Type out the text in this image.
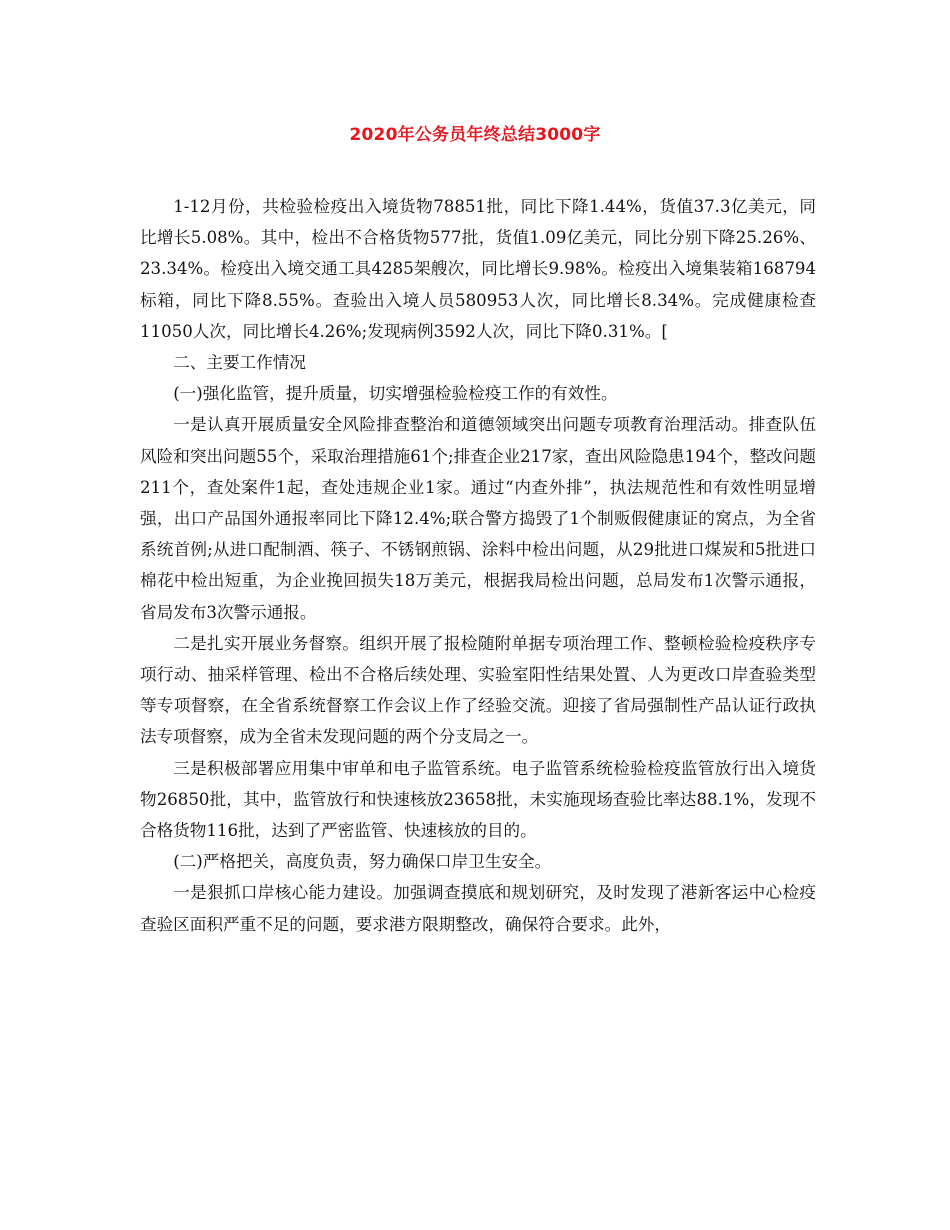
2020年公务员年终总结3000字

1-12月份，共检验检疫出入境货物78851批，同比下降1.44%，货值37.3亿美元，同比增长5.08%。其中，检出不合格货物577批，货值1.09亿美元，同比分别下降25.26%、23.34%。检疫出入境交通工具4285架艘次，同比增长9.98%。检疫出入境集装箱168794标箱，同比下降8.55%。查验出入境人员580953人次，同比增长8.34%。完成健康检查11050人次，同比增长4.26%;发现病例3592人次，同比下降0.31%。[

二、主要工作情况

(一)强化监管，提升质量，切实增强检验检疫工作的有效性。

一是认真开展质量安全风险排查整治和道德领域突出问题专项教育治理活动。排查队伍风险和突出问题55个，采取治理措施61个;排查企业217家，查出风险隐患194个，整改问题211个，查处案件1起，查处违规企业1家。通过“内查外排”，执法规范性和有效性明显增强，出口产品国外通报率同比下降12.4%;联合警方捣毁了1个制贩假健康证的窝点，为全省系统首例;从进口配制酒、筷子、不锈钢煎锅、涂料中检出问题，从29批进口煤炭和5批进口棉花中检出短重，为企业挽回损失18万美元，根据我局检出问题，总局发布1次警示通报，省局发布3次警示通报。

二是扎实开展业务督察。组织开展了报检随附单据专项治理工作、整顿检验检疫秩序专项行动、抽采样管理、检出不合格后续处理、实验室阳性结果处置、人为更改口岸查验类型等专项督察，在全省系统督察工作会议上作了经验交流。迎接了省局强制性产品认证行政执法专项督察，成为全省未发现问题的两个分支局之一。

三是积极部署应用集中审单和电子监管系统。电子监管系统检验检疫监管放行出入境货物26850批，其中，监管放行和快速核放23658批，未实施现场查验比率达88.1%，发现不合格货物116批，达到了严密监管、快速核放的目的。

(二)严格把关，高度负责，努力确保口岸卫生安全。

一是狠抓口岸核心能力建设。加强调查摸底和规划研究，及时发现了港新客运中心检疫查验区面积严重不足的问题，要求港方限期整改，确保符合要求。此外，
